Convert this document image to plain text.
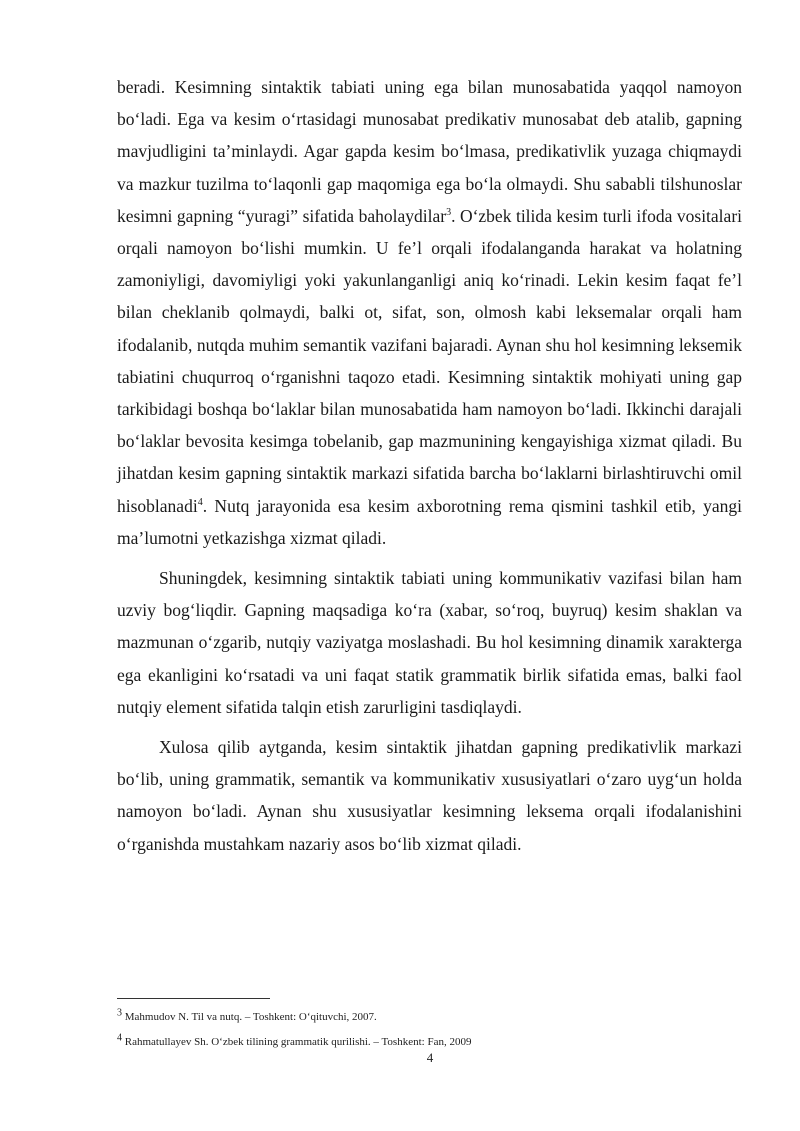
beradi. Kesimning sintaktik tabiati uning ega bilan munosabatida yaqqol namoyon bo‘ladi. Ega va kesim o‘rtasidagi munosabat predikativ munosabat deb atalib, gapning mavjudligini ta’minlaydi. Agar gapda kesim bo‘lmasa, predikativlik yuzaga chiqmaydi va mazkur tuzilma to‘laqonli gap maqomiga ega bo‘la olmaydi. Shu sababli tilshunoslar kesimni gapning “yuragi” sifatida baholaydilar$^3$. O‘zbek tilida kesim turli ifoda vositalari orqali namoyon bo‘lishi mumkin. U fe’l orqali ifodalanganda harakat va holatning zamoniyligi, davomiyligi yoki yakunlanganligi aniq ko‘rinadi. Lekin kesim faqat fe’l bilan cheklanib qolmaydi, balki ot, sifat, son, olmosh kabi leksemalar orqali ham ifodalanib, nutqda muhim semantik vazifani bajaradi. Aynan shu hol kesimning leksemik tabiatini chuqurroq o‘rganishni taqozo etadi. Kesimning sintaktik mohiyati uning gap tarkibidagi boshqa bo‘laklar bilan munosabatida ham namoyon bo‘ladi. Ikkinchi darajali bo‘laklar bevosita kesimga tobelanib, gap mazmunining kengayishiga xizmat qiladi. Bu jihatdan kesim gapning sintaktik markazi sifatida barcha bo‘laklarni birlashtiruvchi omil hisoblanadi$^4$. Nutq jarayonida esa kesim axborotning rema qismini tashkil etib, yangi ma’lumotni yetkazishga xizmat qiladi.

Shuningdek, kesimning sintaktik tabiati uning kommunikativ vazifasi bilan ham uzviy bog‘liqdir. Gapning maqsadiga ko‘ra (xabar, so‘roq, buyruq) kesim shaklan va mazmunan o‘zgarib, nutqiy vaziyatga moslashadi. Bu hol kesimning dinamik xarakterga ega ekanligini ko‘rsatadi va uni faqat statik grammatik birlik sifatida emas, balki faol nutqiy element sifatida talqin etish zarurligini tasdiqlaydi.

Xulosa qilib aytganda, kesim sintaktik jihatdan gapning predikativlik markazi bo‘lib, uning grammatik, semantik va kommunikativ xususiyatlari o‘zaro uyg‘un holda namoyon bo‘ladi. Aynan shu xususiyatlar kesimning leksema orqali ifodalanishini o‘rganishda mustahkam nazariy asos bo‘lib xizmat qiladi.

3 Mahmudov N. Til va nutq. – Toshkent: O‘qituvchi, 2007.
4 Rahmatullayev Sh. O‘zbek tilining grammatik qurilishi. – Toshkent: Fan, 2009
4
